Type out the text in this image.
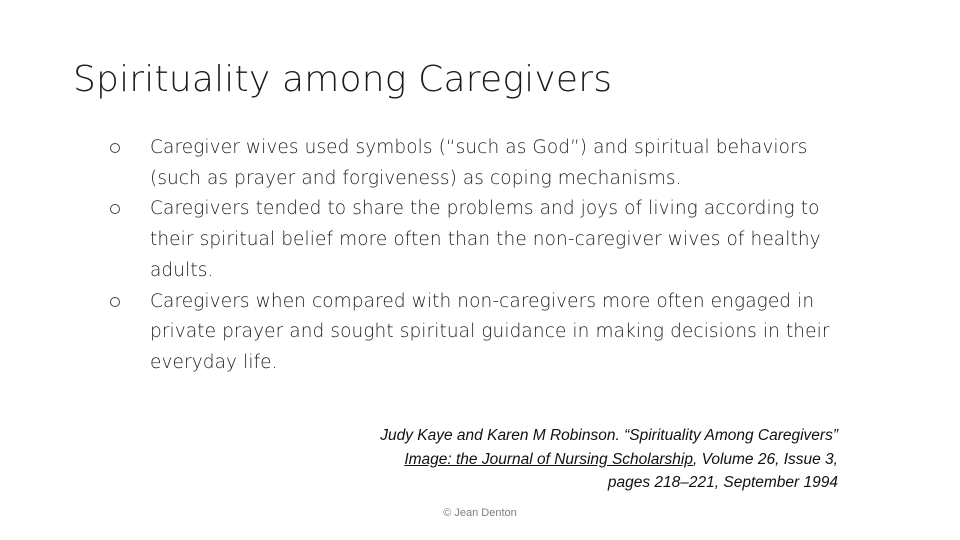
Spirituality among Caregivers
Caregiver wives used symbols (“such as God”) and spiritual behaviors (such as prayer and forgiveness) as coping mechanisms.
Caregivers tended to share the problems and joys of living according to their spiritual belief more often than the non-caregiver wives of healthy adults.
Caregivers when compared with non-caregivers more often engaged in private prayer and sought spiritual guidance in making decisions in their everyday life.
Judy Kaye and Karen M Robinson. “Spirituality Among Caregivers”
Image: the Journal of Nursing Scholarship, Volume 26, Issue 3,
pages 218–221, September 1994
© Jean Denton
